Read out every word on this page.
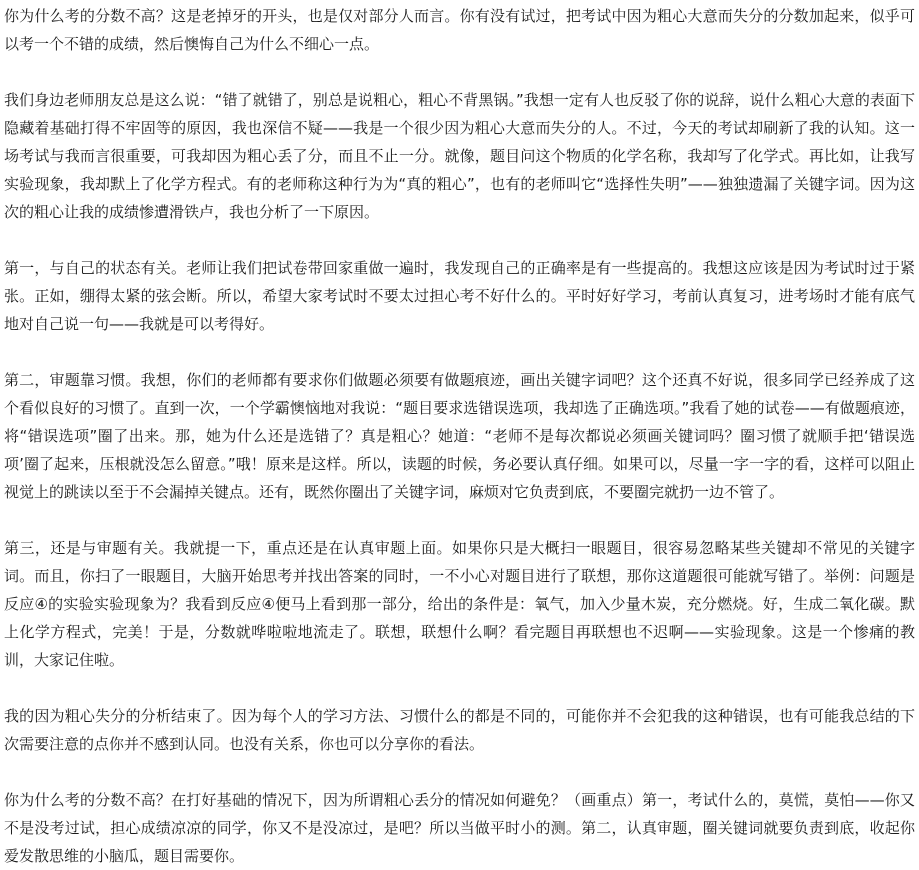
你为什么考的分数不高？这是老掉牙的开头，也是仅对部分人而言。你有没有试过，把考试中因为粗心大意而失分的分数加起来，似乎可以考一个不错的成绩，然后懊悔自己为什么不细心一点。

我们身边老师朋友总是这么说：“错了就错了，别总是说粗心，粗心不背黑锅。”我想一定有人也反驳了你的说辞，说什么粗心大意的表面下隐藏着基础打得不牢固等的原因，我也深信不疑——我是一个很少因为粗心大意而失分的人。不过，今天的考试却刷新了我的认知。这一场考试与我而言很重要，可我却因为粗心丢了分，而且不止一分。就像，题目问这个物质的化学名称，我却写了化学式。再比如，让我写实验现象，我却默上了化学方程式。有的老师称这种行为为“真的粗心”，也有的老师叫它“选择性失明”——独独遗漏了关键字词。因为这次的粗心让我的成绩惨遭滑铁卢，我也分析了一下原因。

第一，与自己的状态有关。老师让我们把试卷带回家重做一遍时，我发现自己的正确率是有一些提高的。我想这应该是因为考试时过于紧张。正如，绷得太紧的弦会断。所以，希望大家考试时不要太过担心考不好什么的。平时好好学习，考前认真复习，进考场时才能有底气地对自己说一句——我就是可以考得好。

第二，审题靠习惯。我想，你们的老师都有要求你们做题必须要有做题痕迹，画出关键字词吧？这个还真不好说，很多同学已经养成了这个看似良好的习惯了。直到一次，一个学霸懊恼地对我说：“题目要求选错误选项，我却选了正确选项。”我看了她的试卷——有做题痕迹，将“错误选项”圈了出来。那，她为什么还是选错了？真是粗心？她道：“老师不是每次都说必须画关键词吗？圈习惯了就顺手把‘错误选项’圈了起来，压根就没怎么留意。”哦！原来是这样。所以，读题的时候，务必要认真仔细。如果可以，尽量一字一字的看，这样可以阻止视觉上的跳读以至于不会漏掉关键点。还有，既然你圈出了关键字词，麻烦对它负责到底，不要圈完就扔一边不管了。

第三，还是与审题有关。我就提一下，重点还是在认真审题上面。如果你只是大概扫一眼题目，很容易忽略某些关键却不常见的关键字词。而且，你扫了一眼题目，大脑开始思考并找出答案的同时，一不小心对题目进行了联想，那你这道题很可能就写错了。举例：问题是反应④的实验实验现象为？我看到反应④便马上看到那一部分，给出的条件是：氧气，加入少量木炭，充分燃烧。好，生成二氧化碳。默上化学方程式，完美！于是，分数就哗啦啦地流走了。联想，联想什么啊？看完题目再联想也不迟啊——实验现象。这是一个惨痛的教训，大家记住啦。

我的因为粗心失分的分析结束了。因为每个人的学习方法、习惯什么的都是不同的，可能你并不会犯我的这种错误，也有可能我总结的下次需要注意的点你并不感到认同。也没有关系，你也可以分享你的看法。

你为什么考的分数不高？在打好基础的情况下，因为所谓粗心丢分的情况如何避免？（画重点）第一，考试什么的，莫慌，莫怕——你又不是没考过试，担心成绩凉凉的同学，你又不是没凉过，是吧？所以当做平时小的测。第二，认真审题，圈关键词就要负责到底，收起你爱发散思维的小脑瓜，题目需要你。
